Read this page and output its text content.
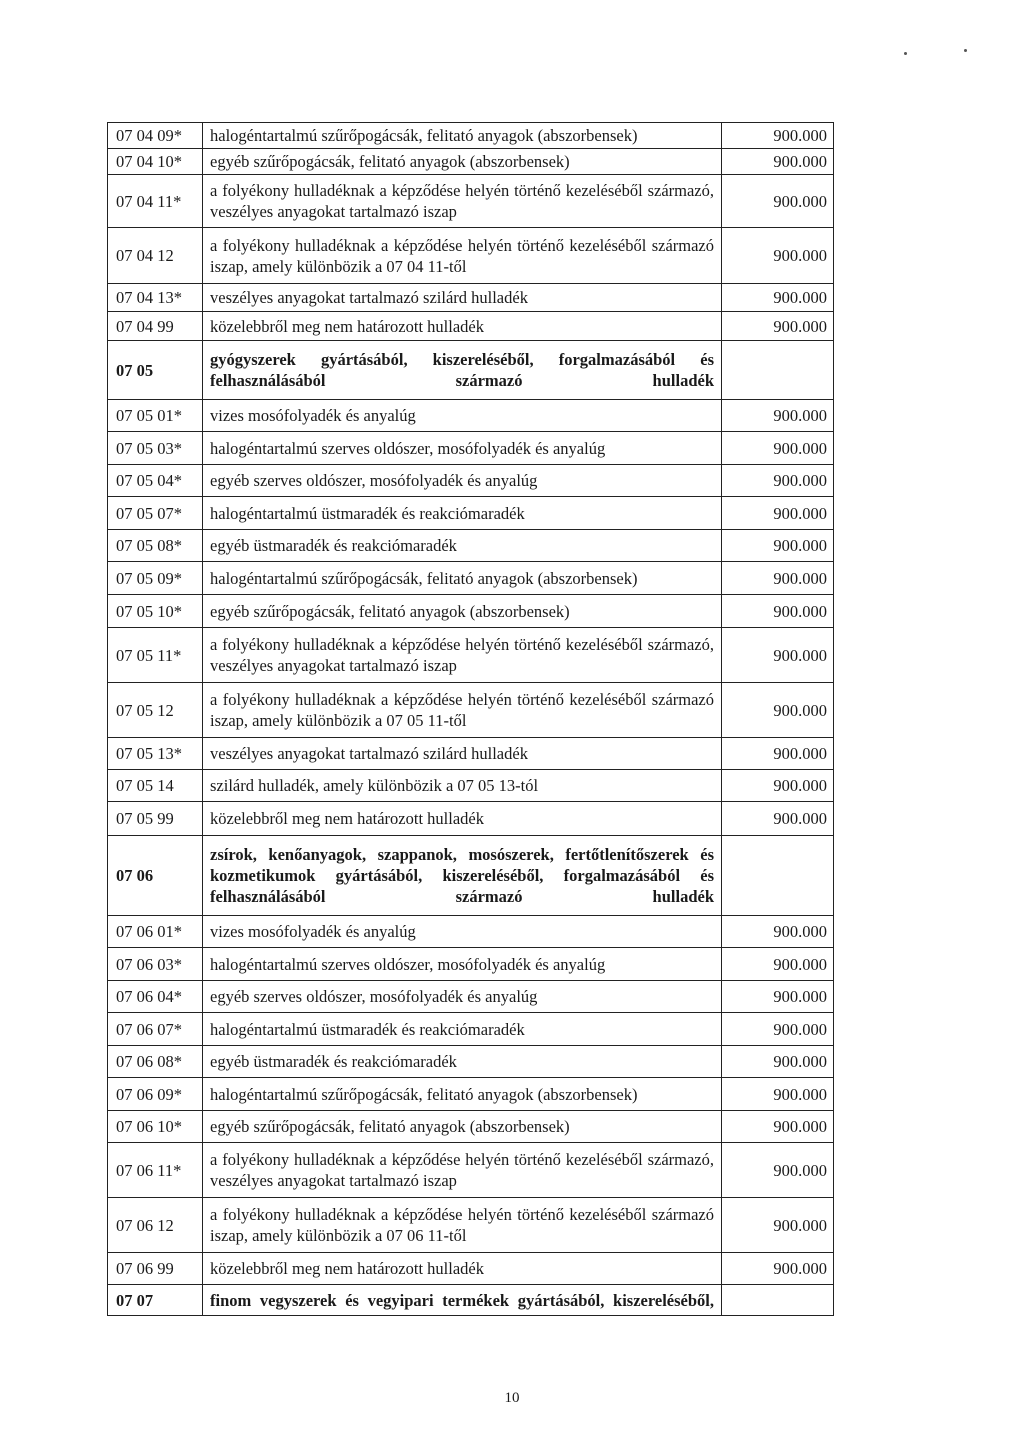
07 04 09*	halogéntartalmú szűrőpogácsák, felitató anyagok (abszorbensek)	900.000
07 04 10*	egyéb szűrőpogácsák, felitató anyagok (abszorbensek)	900.000
07 04 11*	a folyékony hulladéknak a képződése helyén történő kezeléséből származó, veszélyes anyagokat tartalmazó iszap	900.000
07 04 12	a folyékony hulladéknak a képződése helyén történő kezeléséből származó iszap, amely különbözik a 07 04 11-től	900.000
07 04 13*	veszélyes anyagokat tartalmazó szilárd hulladék	900.000
07 04 99	közelebbről meg nem határozott hulladék	900.000
07 05	gyógyszerek gyártásából, kiszereléséből, forgalmazásából és felhasználásából származó hulladék	
07 05 01*	vizes mosófolyadék és anyalúg	900.000
07 05 03*	halogéntartalmú szerves oldószer, mosófolyadék és anyalúg	900.000
07 05 04*	egyéb szerves oldószer, mosófolyadék és anyalúg	900.000
07 05 07*	halogéntartalmú üstmaradék és reakciómaradék	900.000
07 05 08*	egyéb üstmaradék és reakciómaradék	900.000
07 05 09*	halogéntartalmú szűrőpogácsák, felitató anyagok (abszorbensek)	900.000
07 05 10*	egyéb szűrőpogácsák, felitató anyagok (abszorbensek)	900.000
07 05 11*	a folyékony hulladéknak a képződése helyén történő kezeléséből származó, veszélyes anyagokat tartalmazó iszap	900.000
07 05 12	a folyékony hulladéknak a képződése helyén történő kezeléséből származó iszap, amely különbözik a 07 05 11-től	900.000
07 05 13*	veszélyes anyagokat tartalmazó szilárd hulladék	900.000
07 05 14	szilárd hulladék, amely különbözik a 07 05 13-tól	900.000
07 05 99	közelebbről meg nem határozott hulladék	900.000
07 06	zsírok, kenőanyagok, szappanok, mosószerek, fertőtlenítőszerek és kozmetikumok gyártásából, kiszereléséből, forgalmazásából és felhasználásából származó hulladék	
07 06 01*	vizes mosófolyadék és anyalúg	900.000
07 06 03*	halogéntartalmú szerves oldószer, mosófolyadék és anyalúg	900.000
07 06 04*	egyéb szerves oldószer, mosófolyadék és anyalúg	900.000
07 06 07*	halogéntartalmú üstmaradék és reakciómaradék	900.000
07 06 08*	egyéb üstmaradék és reakciómaradék	900.000
07 06 09*	halogéntartalmú szűrőpogácsák, felitató anyagok (abszorbensek)	900.000
07 06 10*	egyéb szűrőpogácsák, felitató anyagok (abszorbensek)	900.000
07 06 11*	a folyékony hulladéknak a képződése helyén történő kezeléséből származó, veszélyes anyagokat tartalmazó iszap	900.000
07 06 12	a folyékony hulladéknak a képződése helyén történő kezeléséből származó iszap, amely különbözik a 07 06 11-től	900.000
07 06 99	közelebbről meg nem határozott hulladék	900.000
07 07	finom vegyszerek és vegyipari termékek gyártásából, kiszereléséből,	
10
